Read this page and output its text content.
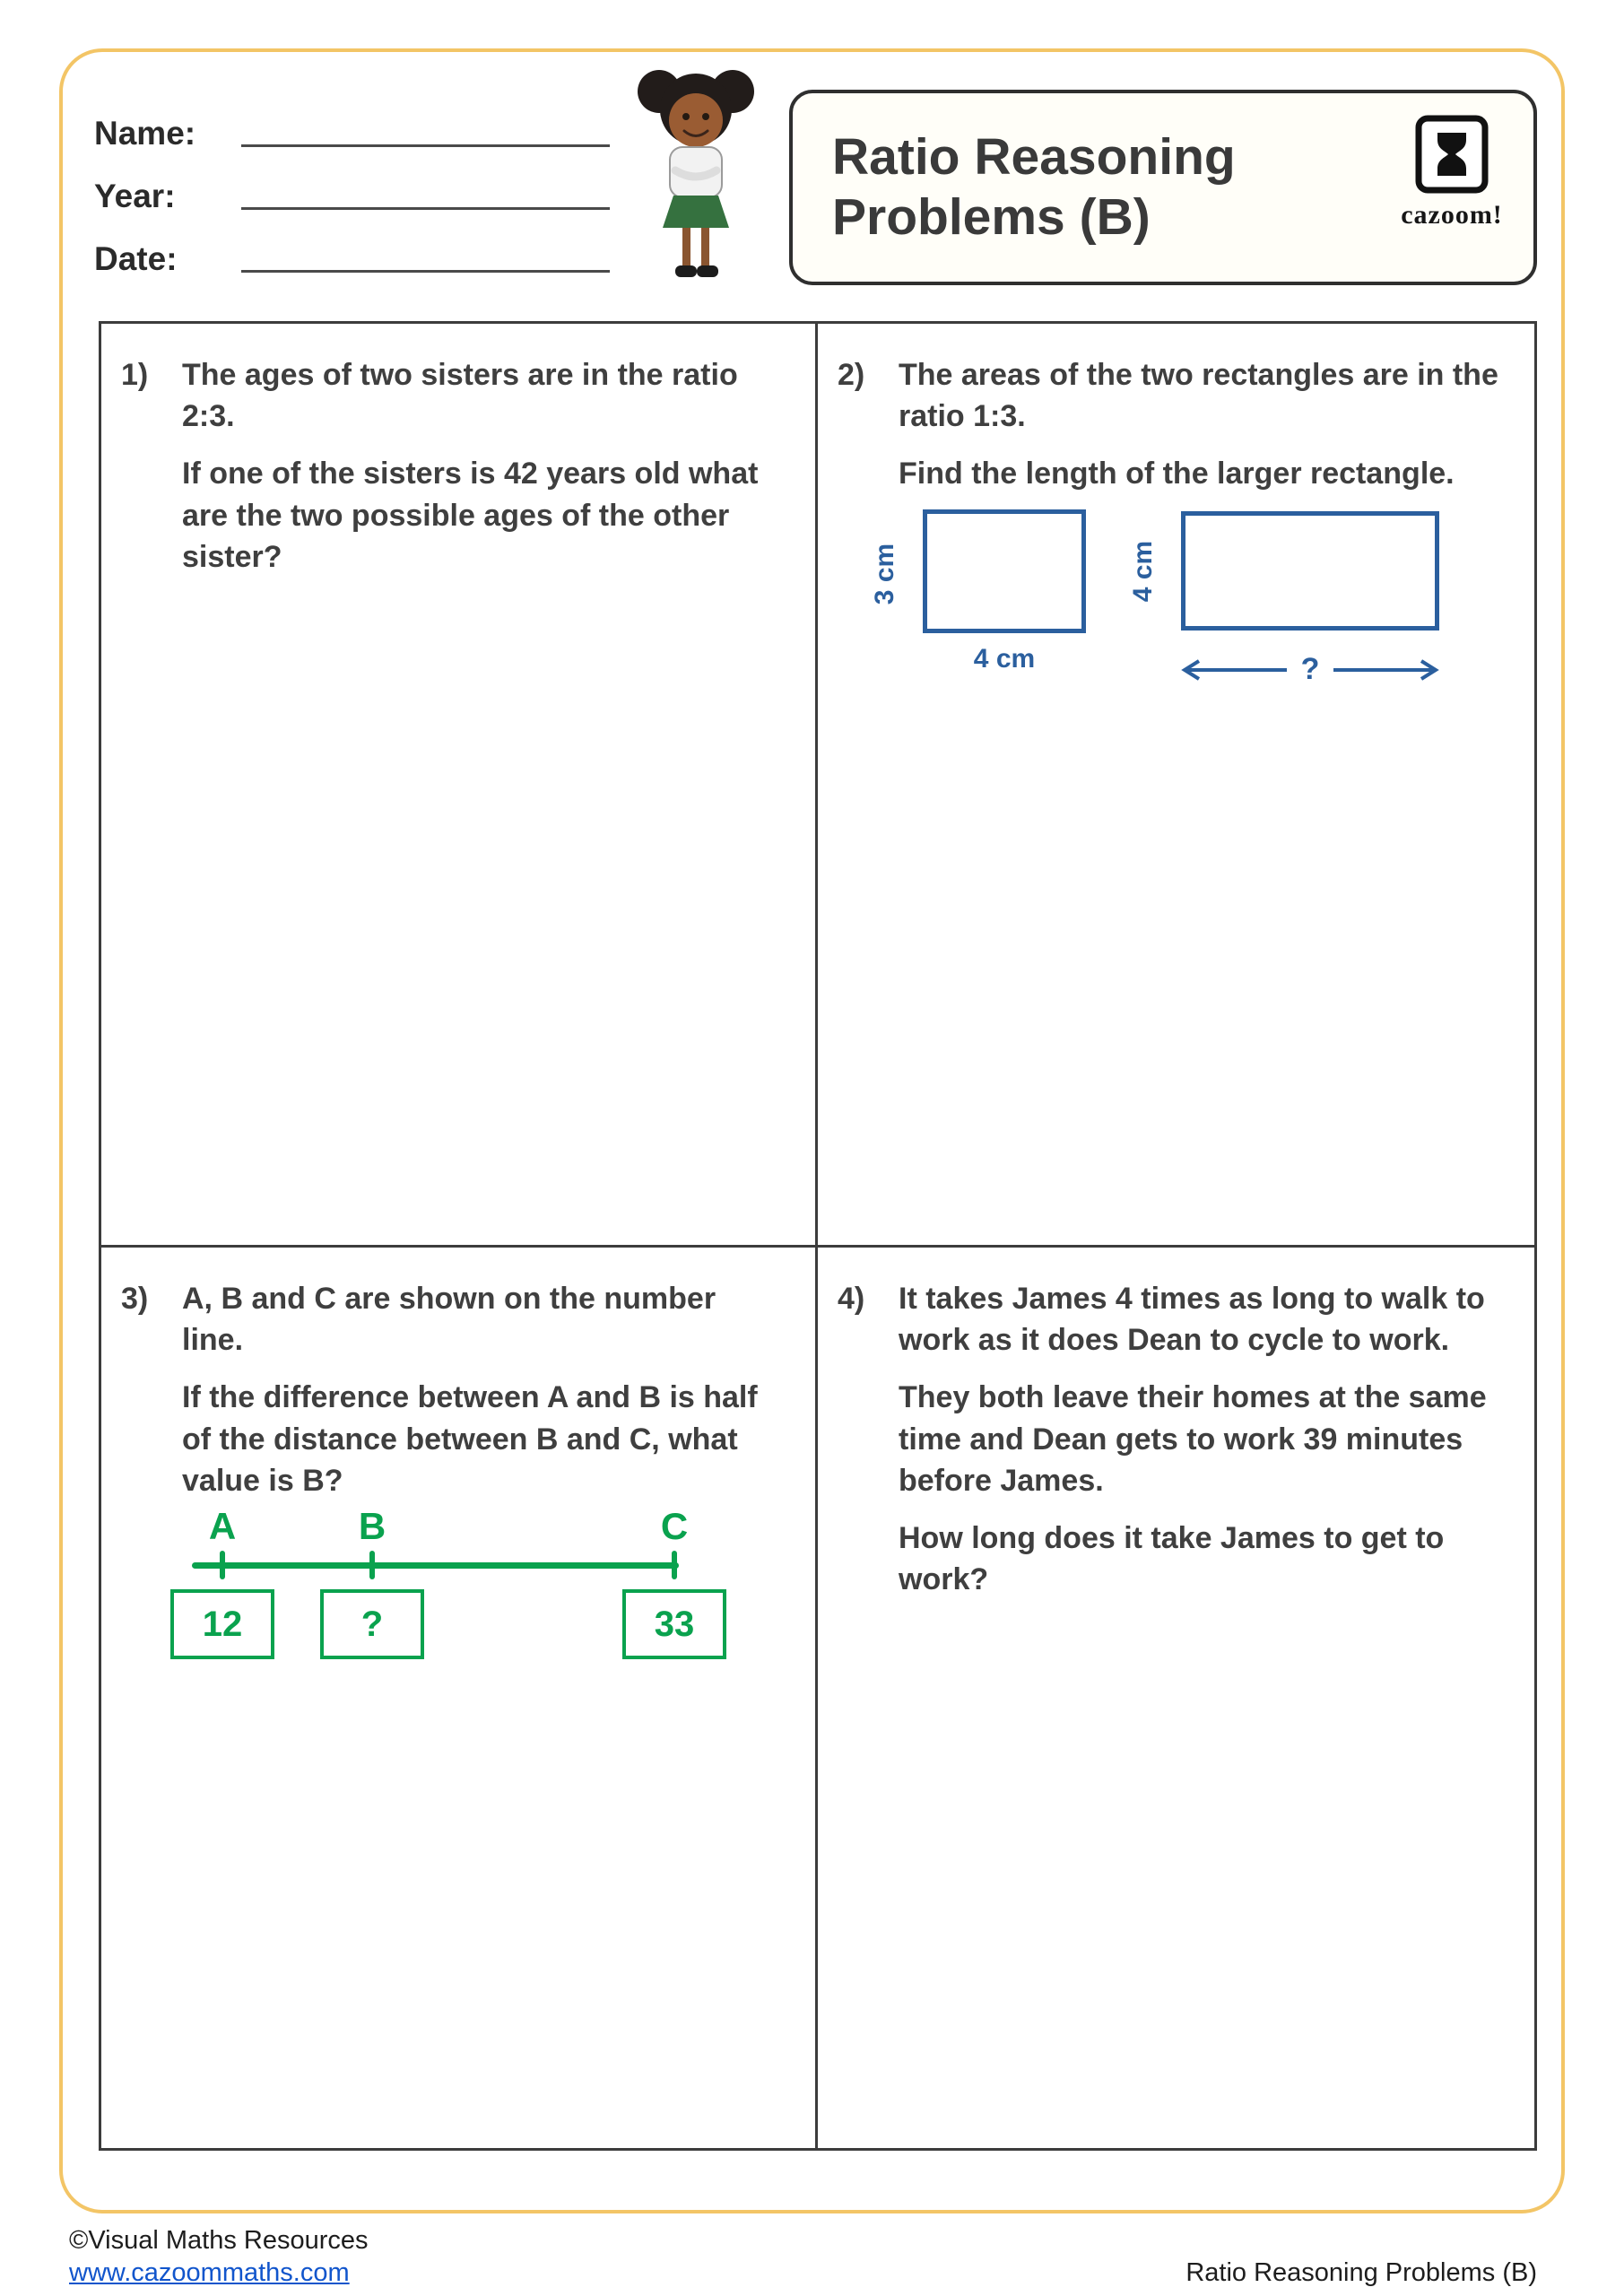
Name:
Year:
Date:
Ratio Reasoning
Problems (B)	cazoom!
1)	The ages of two sisters are in the ratio 2:3.

If one of the sisters is 42 years old what are the two possible ages of the other sister?

2)	The areas of the two rectangles are in the ratio 1:3.

Find the length of the larger rectangle.

3 cm
4 cm
4 cm
?
3)	A, B and C are shown on the number line.

If the difference between A and B is half of the distance between B and C, what value is B?

A	B	C
12	?	33
4)	It takes James 4 times as long to walk to work as it does Dean to cycle to work.

They both leave their homes at the same time and Dean gets to work 39 minutes before James.

How long does it take James to get to work?

©Visual Maths Resources
www.cazoommaths.com	Ratio Reasoning Problems (B)
